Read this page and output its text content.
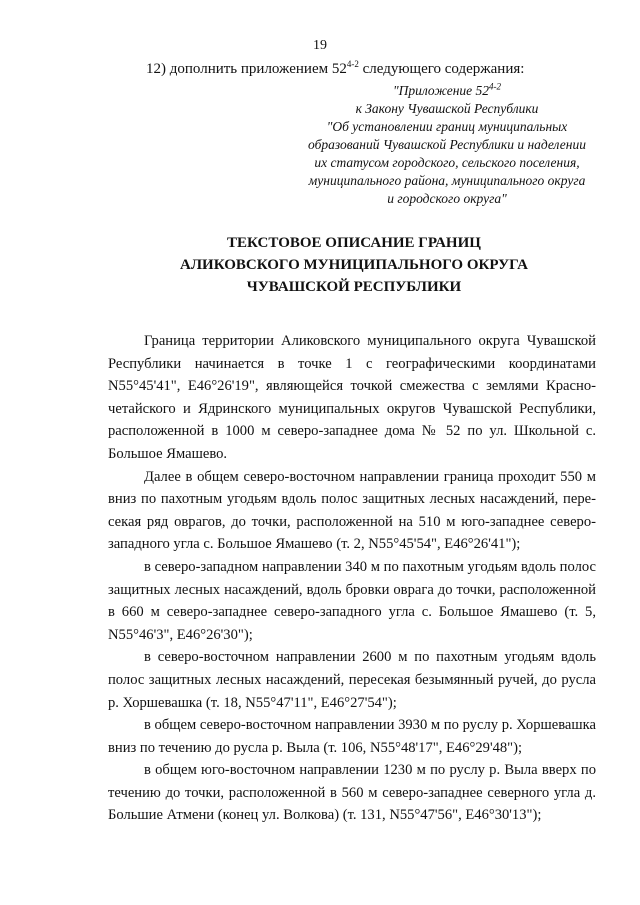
19
12) дополнить приложением 52$^{4-2}$ следующего содержания:
"Приложение 52$^{4-2}$
к Закону Чувашской Республики
"Об установлении границ муниципальных
образований Чувашской Республики и наделении
их статусом городского, сельского поселения,
муниципального района, муниципального округа
и городского округа"
ТЕКСТОВОЕ ОПИСАНИЕ ГРАНИЦ
АЛИКОВСКОГО МУНИЦИПАЛЬНОГО ОКРУГА
ЧУВАШСКОЙ РЕСПУБЛИКИ

Граница территории Аликовского муниципального округа Чувашской Республики начинается в точке 1 с географическими координатами N55°45'41", E46°26'19", являющейся точкой смежества с землями Красночетайского и Ядринского муниципальных округов Чувашской Республики, расположенной в 1000 м северо-западнее дома № 52 по ул. Школьной с. Большое Ямашево.

Далее в общем северо-восточном направлении граница проходит 550 м вниз по пахотным угодьям вдоль полос защитных лесных насаждений, пересекая ряд оврагов, до точки, расположенной на 510 м юго-западнее северо-западного угла с. Большое Ямашево (т. 2, N55°45'54", E46°26'41");

в северо-западном направлении 340 м по пахотным угодьям вдоль полос защитных лесных насаждений, вдоль бровки оврага до точки, расположенной в 660 м северо-западнее северо-западного угла с. Большое Ямашево (т. 5, N55°46'3", E46°26'30");

в северо-восточном направлении 2600 м по пахотным угодьям вдоль полос защитных лесных насаждений, пересекая безымянный ручей, до русла р. Хоршевашка (т. 18, N55°47'11", E46°27'54");

в общем северо-восточном направлении 3930 м по руслу р. Хоршевашка вниз по течению до русла р. Выла (т. 106, N55°48'17", E46°29'48");

в общем юго-восточном направлении 1230 м по руслу р. Выла вверх по течению до точки, расположенной в 560 м северо-западнее северного угла д. Большие Атмени (конец ул. Волкова) (т. 131, N55°47'56", E46°30'13");
